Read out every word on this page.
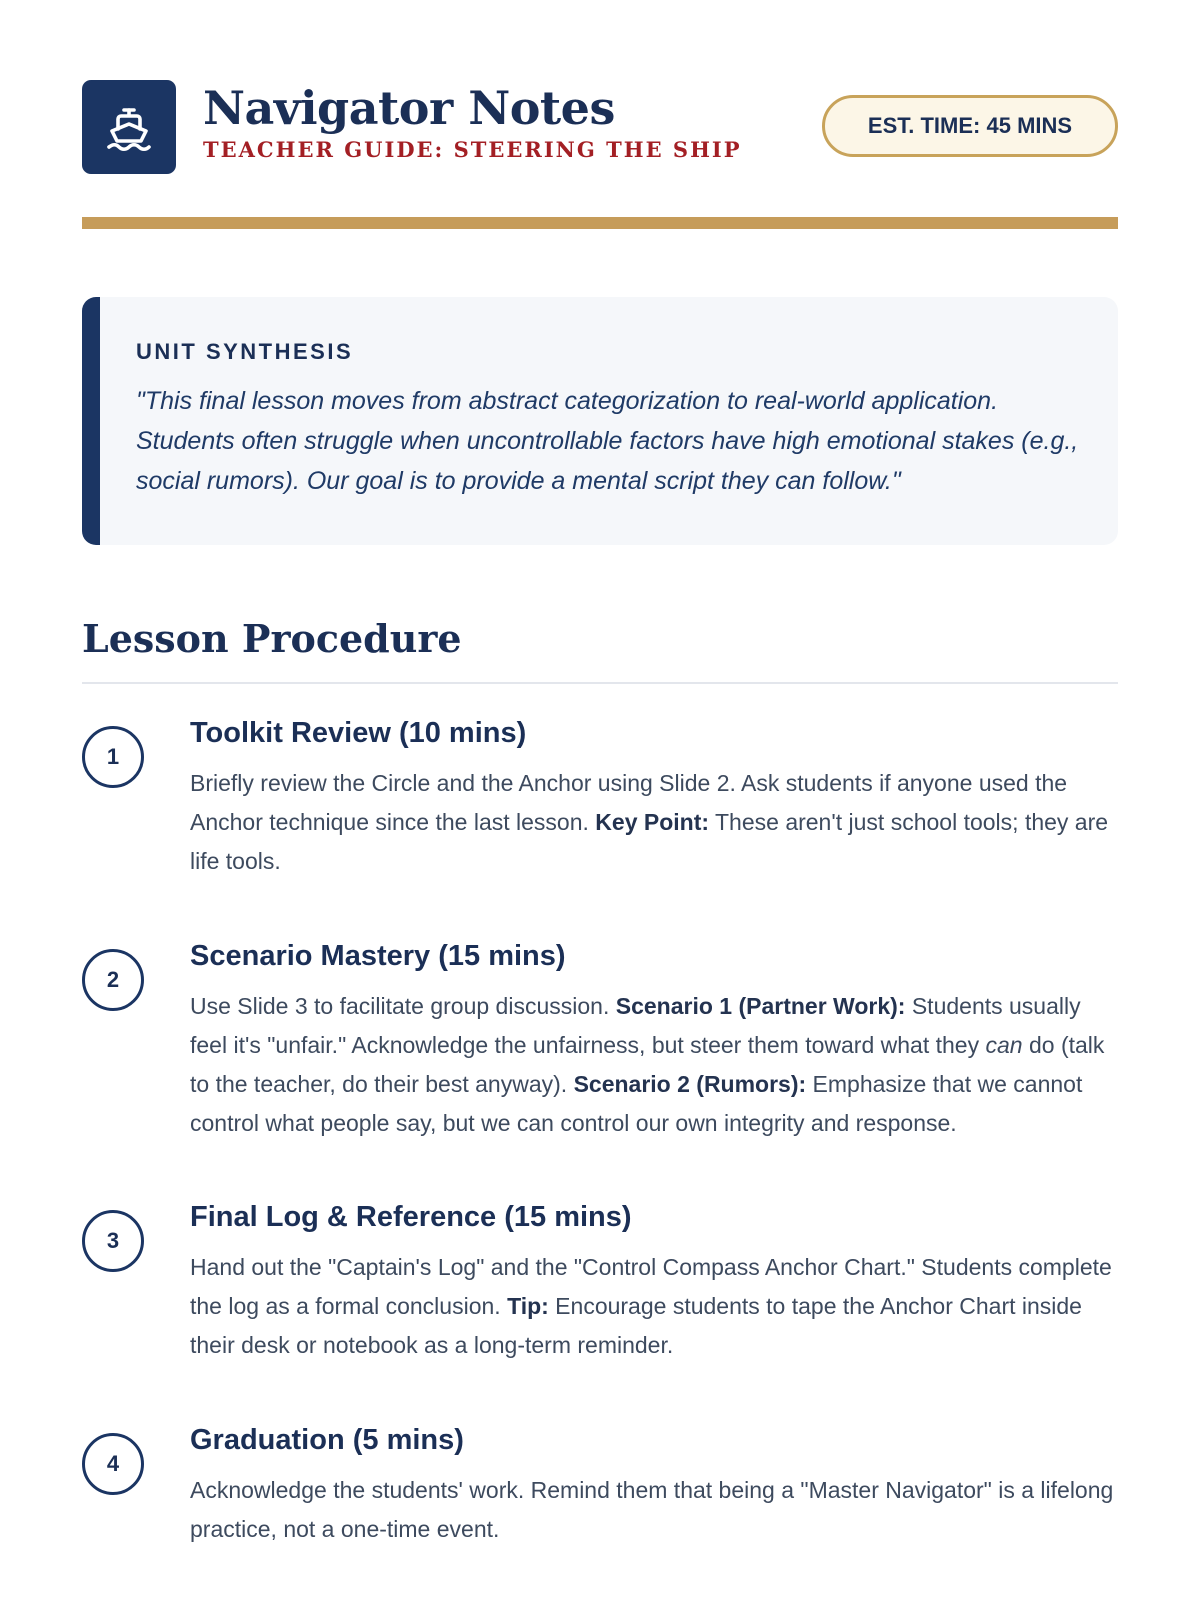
Navigator Notes
TEACHER GUIDE: STEERING THE SHIP
EST. TIME: 45 MINS
UNIT SYNTHESIS
"This final lesson moves from abstract categorization to real-world application. Students often struggle when uncontrollable factors have high emotional stakes (e.g., social rumors). Our goal is to provide a mental script they can follow."
Lesson Procedure
1
Toolkit Review (10 mins)
Briefly review the Circle and the Anchor using Slide 2. Ask students if anyone used the Anchor technique since the last lesson. Key Point: These aren't just school tools; they are life tools.
2
Scenario Mastery (15 mins)
Use Slide 3 to facilitate group discussion. Scenario 1 (Partner Work): Students usually feel it's "unfair." Acknowledge the unfairness, but steer them toward what they can do (talk to the teacher, do their best anyway). Scenario 2 (Rumors): Emphasize that we cannot control what people say, but we can control our own integrity and response.
3
Final Log & Reference (15 mins)
Hand out the "Captain's Log" and the "Control Compass Anchor Chart." Students complete the log as a formal conclusion. Tip: Encourage students to tape the Anchor Chart inside their desk or notebook as a long-term reminder.
4
Graduation (5 mins)
Acknowledge the students' work. Remind them that being a "Master Navigator" is a lifelong practice, not a one-time event.
